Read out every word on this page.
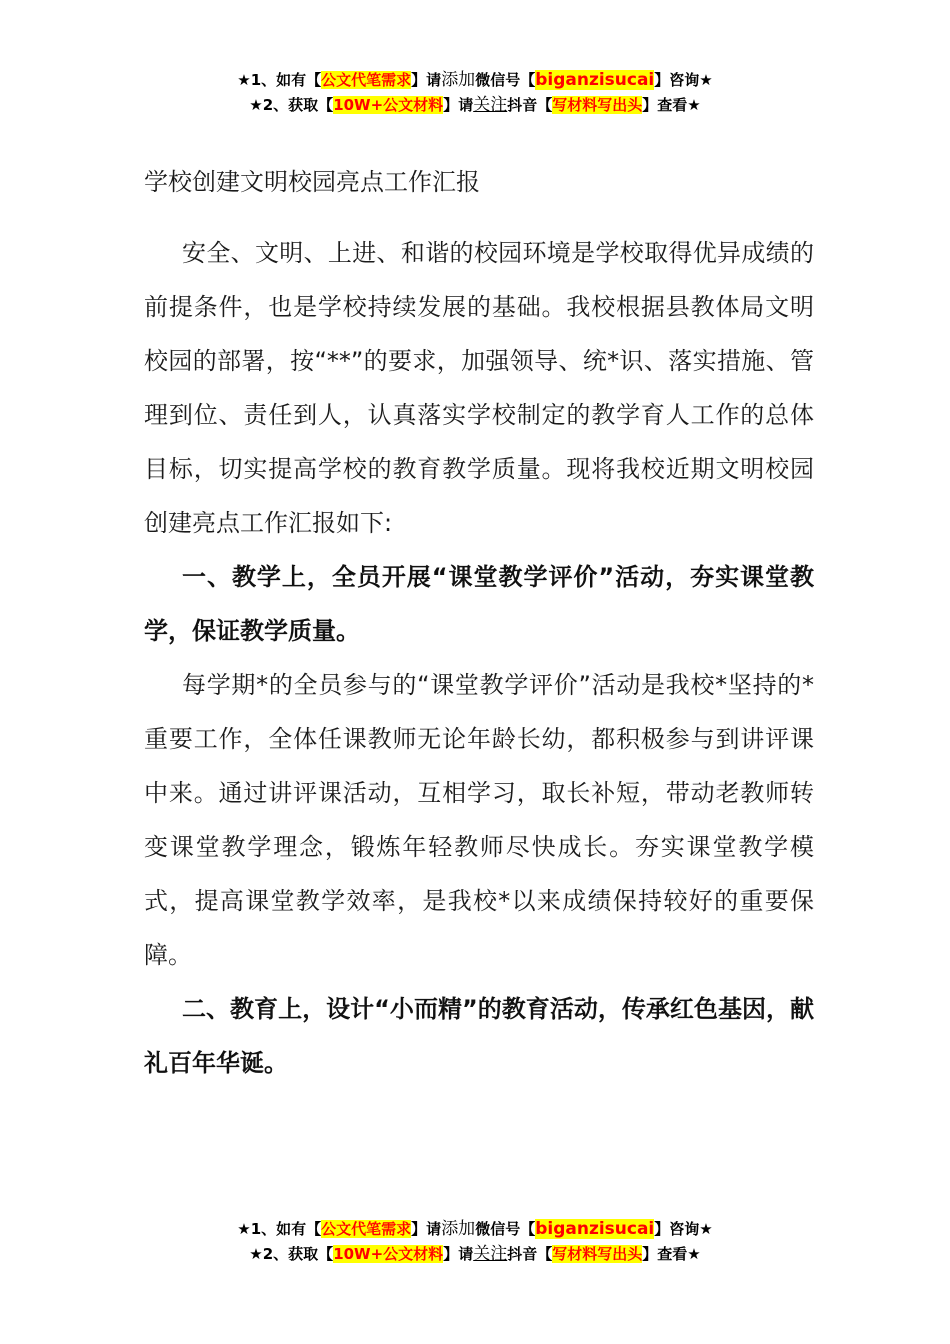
★1、如有【公文代笔需求】请添加微信号【biganzisucai】咨询★
★2、获取【10W+公文材料】请关注抖音【写材料写出头】查看★
学校创建文明校园亮点工作汇报

安全、文明、上进、和谐的校园环境是学校取得优异成绩的前提条件，也是学校持续发展的基础。我校根据县教体局文明校园的部署，按“**”的要求，加强领导、统*识、落实措施、管理到位、责任到人，认真落实学校制定的教学育人工作的总体目标，切实提高学校的教育教学质量。现将我校近期文明校园创建亮点工作汇报如下:

一、教学上，全员开展“课堂教学评价”活动，夯实课堂教学，保证教学质量。

每学期*的全员参与的“课堂教学评价”活动是我校*坚持的*重要工作，全体任课教师无论年龄长幼，都积极参与到讲评课中来。通过讲评课活动，互相学习，取长补短，带动老教师转变课堂教学理念，锻炼年轻教师尽快成长。夯实课堂教学模式，提高课堂教学效率，是我校*以来成绩保持较好的重要保障。

二、教育上，设计“小而精”的教育活动，传承红色基因，献礼百年华诞。

★1、如有【公文代笔需求】请添加微信号【biganzisucai】咨询★
★2、获取【10W+公文材料】请关注抖音【写材料写出头】查看★
